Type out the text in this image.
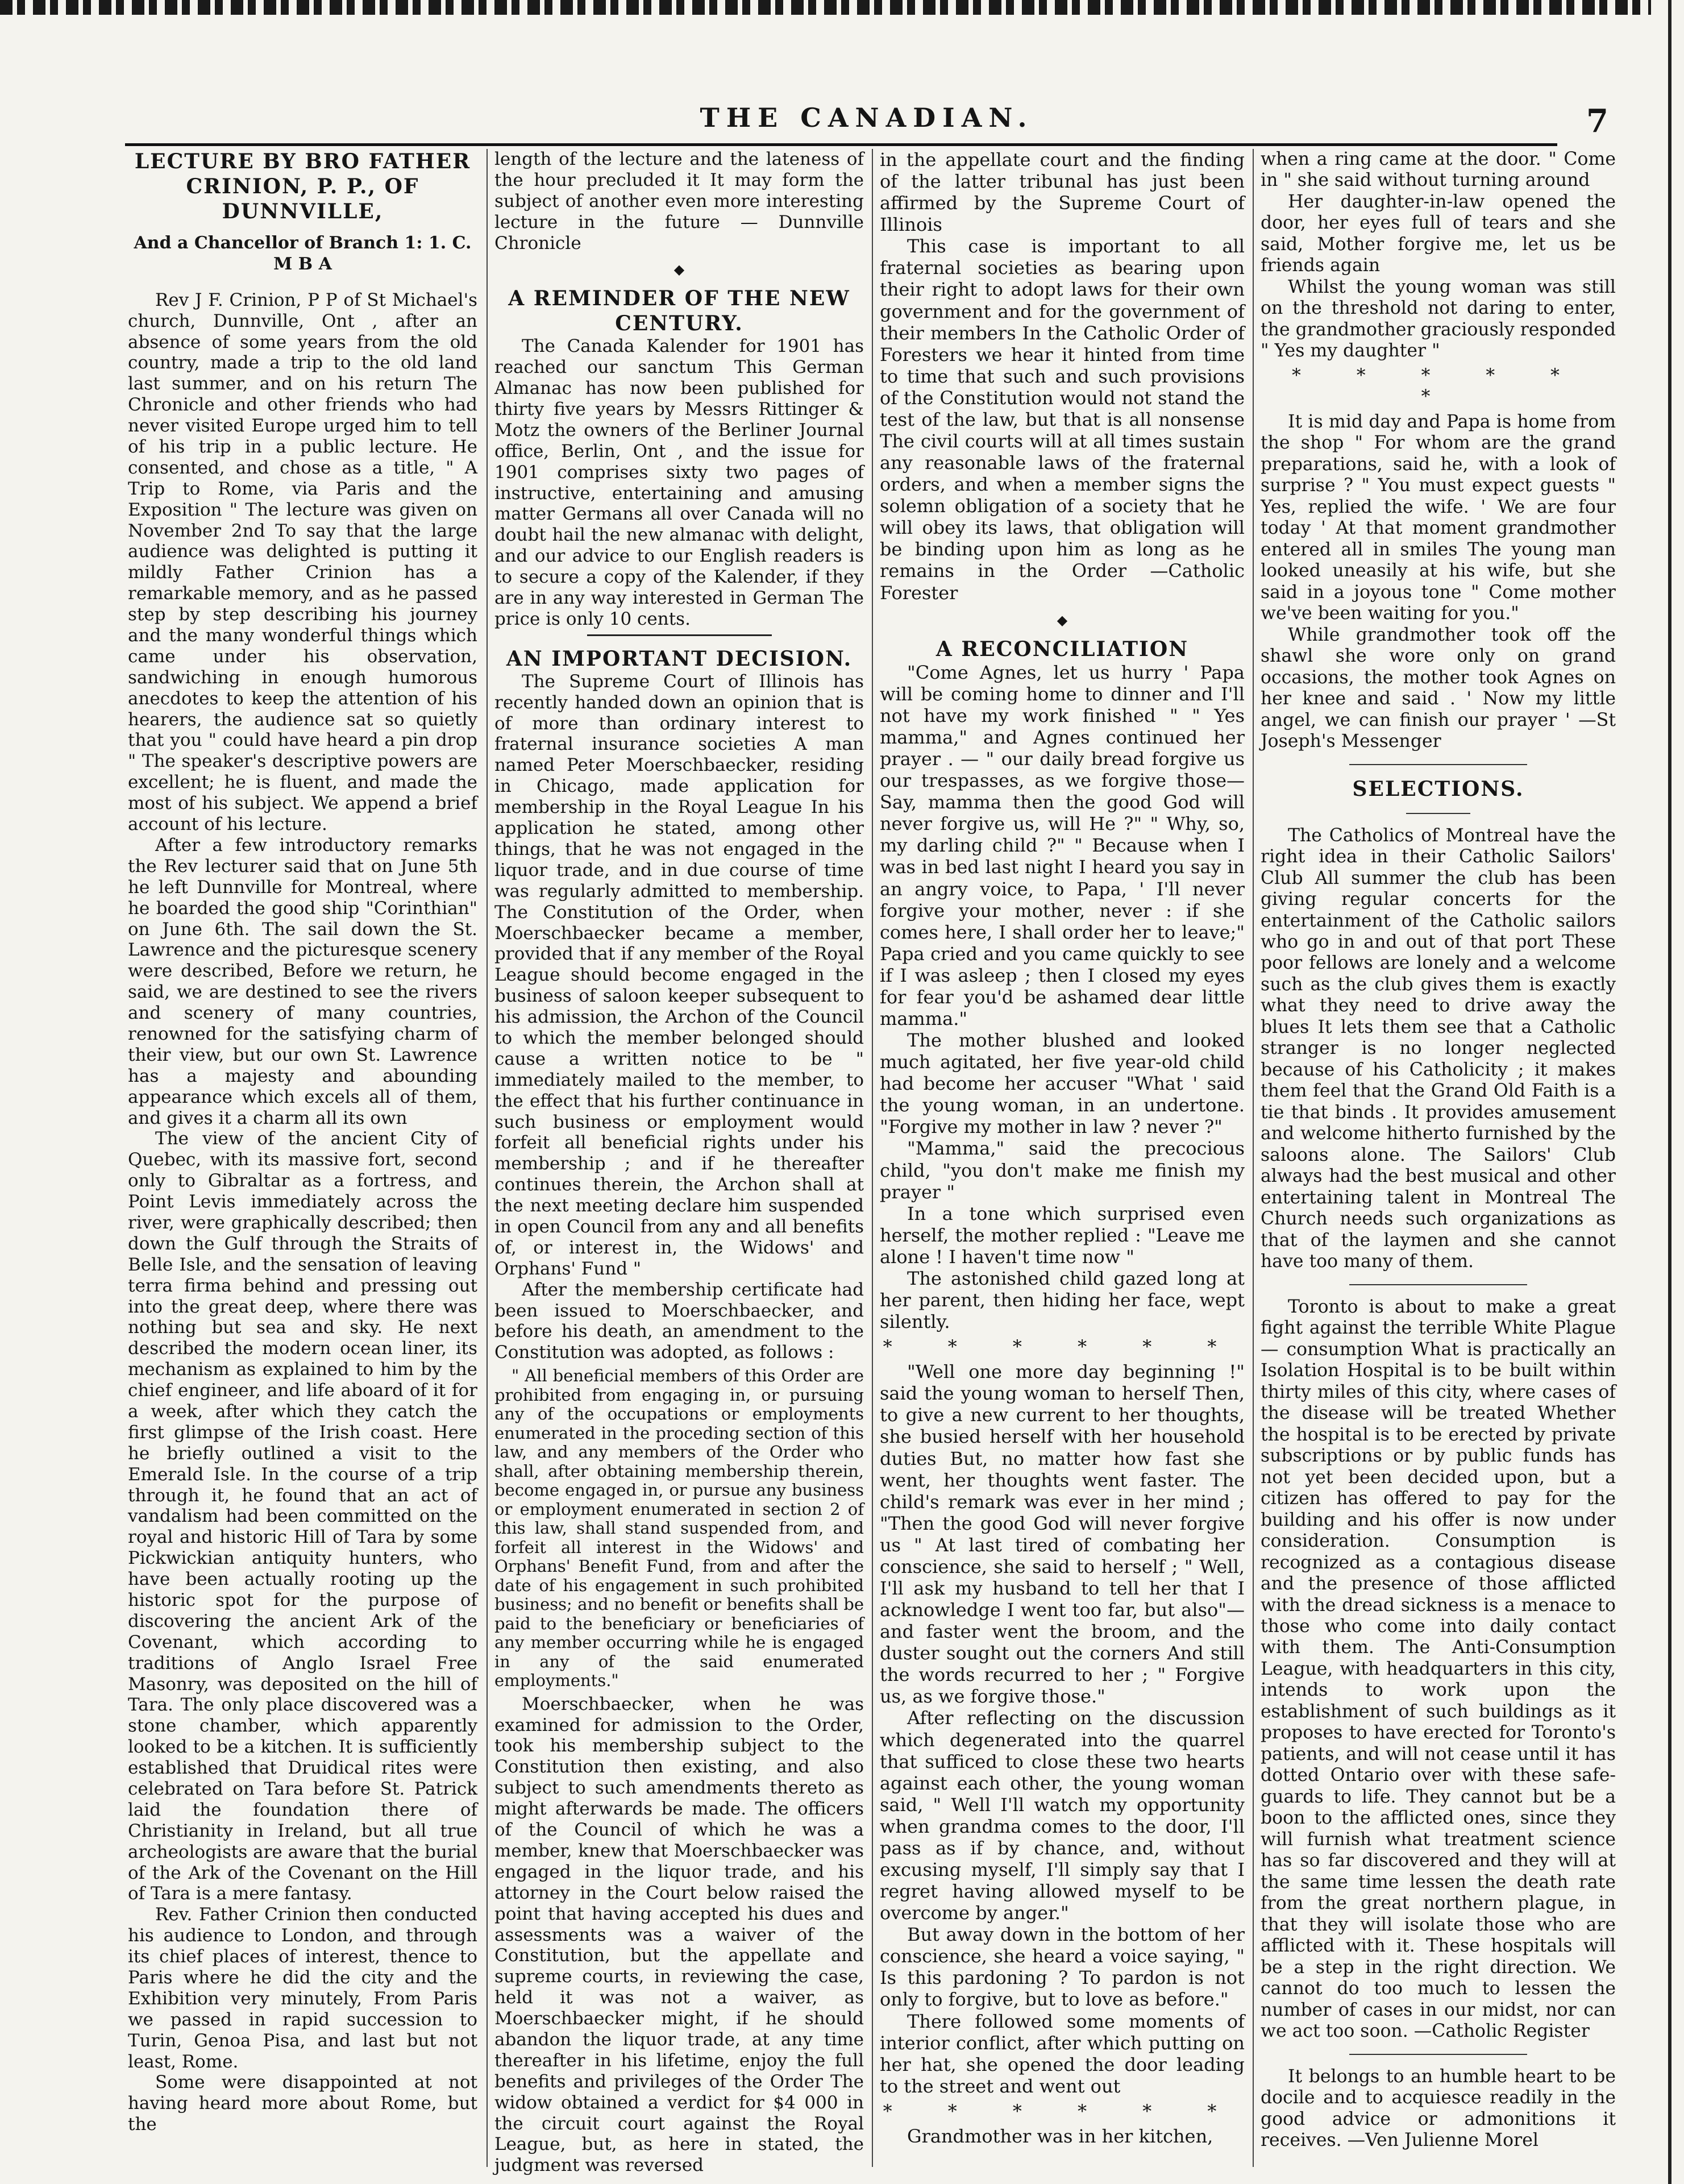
THE CANADIAN.	7
LECTURE BY BRO FATHER CRINION, P. P., OF DUNNVILLE,
And a Chancellor of Branch 1: 1. C. M B A

Rev J F. Crinion, P P of St Michael's church, Dunnville, Ont , after an absence of some years from the old country, made a trip to the old land last summer, and on his return The Chronicle and other friends who had never visited Europe urged him to tell of his trip in a public lecture. He consented, and chose as a title, " A Trip to Rome, via Paris and the Exposition " The lecture was given on November 2nd To say that the large audience was delighted is putting it mildly Father Crinion has a remarkable memory, and as he passed step by step describing his journey and the many wonderful things which came under his observation, sandwiching in enough humorous anecdotes to keep the attention of his hearers, the audience sat so quietly that you " could have heard a pin drop " The speaker's descriptive powers are excellent; he is fluent, and made the most of his subject. We append a brief account of his lecture.

After a few introductory remarks the Rev lecturer said that on June 5th he left Dunnville for Montreal, where he boarded the good ship "Corinthian" on June 6th. The sail down the St. Lawrence and the picturesque scenery were described, Before we return, he said, we are destined to see the rivers and scenery of many countries, renowned for the satisfying charm of their view, but our own St. Lawrence has a majesty and abounding appearance which excels all of them, and gives it a charm all its own

The view of the ancient City of Quebec, with its massive fort, second only to Gibraltar as a fortress, and Point Levis immediately across the river, were graphically described; then down the Gulf through the Straits of Belle Isle, and the sensation of leaving terra firma behind and pressing out into the great deep, where there was nothing but sea and sky. He next described the modern ocean liner, its mechanism as explained to him by the chief engineer, and life aboard of it for a week, after which they catch the first glimpse of the Irish coast. Here he briefly outlined a visit to the Emerald Isle. In the course of a trip through it, he found that an act of vandalism had been committed on the royal and historic Hill of Tara by some Pickwickian antiquity hunters, who have been actually rooting up the historic spot for the purpose of discovering the ancient Ark of the Covenant, which according to traditions of Anglo Israel Free Masonry, was deposited on the hill of Tara. The only place discovered was a stone chamber, which apparently looked to be a kitchen. It is sufficiently established that Druidical rites were celebrated on Tara before St. Patrick laid the foundation there of Christianity in Ireland, but all true archeologists are aware that the burial of the Ark of the Covenant on the Hill of Tara is a mere fantasy.

Rev. Father Crinion then conducted his audience to London, and through its chief places of interest, thence to Paris where he did the city and the Exhibition very minutely, From Paris we passed in rapid succession to Turin, Genoa Pisa, and last but not least, Rome.

Some were disappointed at not having heard more about Rome, but the

length of the lecture and the lateness of the hour precluded it It may form the subject of another even more interesting lecture in the future — Dunnville Chronicle

◆
A REMINDER OF THE NEW CENTURY.

The Canada Kalender for 1901 has reached our sanctum This German Almanac has now been published for thirty five years by Messrs Rittinger & Motz the owners of the Berliner Journal office, Berlin, Ont , and the issue for 1901 comprises sixty two pages of instructive, entertaining and amusing matter Germans all over Canada will no doubt hail the new almanac with delight, and our advice to our English readers is to secure a copy of the Kalender, if they are in any way interested in German The price is only 10 cents.

AN IMPORTANT DECISION.

The Supreme Court of Illinois has recently handed down an opinion that is of more than ordinary interest to fraternal insurance societies A man named Peter Moerschbaecker, residing in Chicago, made application for membership in the Royal League In his application he stated, among other things, that he was not engaged in the liquor trade, and in due course of time was regularly admitted to membership. The Constitution of the Order, when Moerschbaecker became a member, provided that if any member of the Royal League should become engaged in the business of saloon keeper subsequent to his admission, the Archon of the Council to which the member belonged should cause a written notice to be " immediately mailed to the member, to the effect that his further continuance in such business or employment would forfeit all beneficial rights under his membership ; and if he thereafter continues therein, the Archon shall at the next meeting declare him suspended in open Council from any and all benefits of, or interest in, the Widows' and Orphans' Fund "

After the membership certificate had been issued to Moerschbaecker, and before his death, an amendment to the Constitution was adopted, as follows :

" All beneficial members of this Order are prohibited from engaging in, or pursuing any of the occupations or employments enumerated in the proceding section of this law, and any members of the Order who shall, after obtaining membership therein, become engaged in, or pursue any business or employment enumerated in section 2 of this law, shall stand suspended from, and forfeit all interest in the Widows' and Orphans' Benefit Fund, from and after the date of his engagement in such prohibited business; and no benefit or benefits shall be paid to the beneficiary or beneficiaries of any member occurring while he is engaged in any of the said enumerated employments."

Moerschbaecker, when he was examined for admission to the Order, took his membership subject to the Constitution then existing, and also subject to such amendments thereto as might afterwards be made. The officers of the Council of which he was a member, knew that Moerschbaecker was engaged in the liquor trade, and his attorney in the Court below raised the point that having accepted his dues and assessments was a waiver of the Constitution, but the appellate and supreme courts, in reviewing the case, held it was not a waiver, as Moerschbaecker might, if he should abandon the liquor trade, at any time thereafter in his lifetime, enjoy the full benefits and privileges of the Order The widow obtained a verdict for $4 000 in the circuit court against the Royal League, but, as here in stated, the judgment was reversed

in the appellate court and the finding of the latter tribunal has just been affirmed by the Supreme Court of Illinois

This case is important to all fraternal societies as bearing upon their right to adopt laws for their own government and for the government of their members In the Catholic Order of Foresters we hear it hinted from time to time that such and such provisions of the Constitution would not stand the test of the law, but that is all nonsense The civil courts will at all times sustain any reasonable laws of the fraternal orders, and when a member signs the solemn obligation of a society that he will obey its laws, that obligation will be binding upon him as long as he remains in the Order —Catholic Forester

◆
A RECONCILIATION

"Come Agnes, let us hurry ' Papa will be coming home to dinner and I'll not have my work finished " " Yes mamma," and Agnes continued her prayer . — " our daily bread forgive us our trespasses, as we forgive those— Say, mamma then the good God will never forgive us, will He ?" " Why, so, my darling child ?" " Because when I was in bed last night I heard you say in an angry voice, to Papa, ' I'll never forgive your mother, never : if she comes here, I shall order her to leave;" Papa cried and you came quickly to see if I was asleep ; then I closed my eyes for fear you'd be ashamed dear little mamma."

The mother blushed and looked much agitated, her five year-old child had become her accuser "What ' said the young woman, in an undertone. "Forgive my mother in law ? never ?"

"Mamma," said the precocious child, "you don't make me finish my prayer "

In a tone which surprised even herself, the mother replied : "Leave me alone ! I haven't time now "

The astonished child gazed long at her parent, then hiding her face, wept silently.

* * * * * *

"Well one more day beginning !" said the young woman to herself Then, to give a new current to her thoughts, she busied herself with her household duties But, no matter how fast she went, her thoughts went faster. The child's remark was ever in her mind ; "Then the good God will never forgive us " At last tired of combating her conscience, she said to herself ; " Well, I'll ask my husband to tell her that I acknowledge I went too far, but also"—and faster went the broom, and the duster sought out the corners And still the words recurred to her ; " Forgive us, as we forgive those."

After reflecting on the discussion which degenerated into the quarrel that sufficed to close these two hearts against each other, the young woman said, " Well I'll watch my opportunity when grandma comes to the door, I'll pass as if by chance, and, without excusing myself, I'll simply say that I regret having allowed myself to be overcome by anger."

But away down in the bottom of her conscience, she heard a voice saying, " Is this pardoning ? To pardon is not only to forgive, but to love as before."

There followed some moments of interior conflict, after which putting on her hat, she opened the door leading to the street and went out

* * * * * *

Grandmother was in her kitchen,

when a ring came at the door. " Come in " she said without turning around

Her daughter-in-law opened the door, her eyes full of tears and she said, Mother forgive me, let us be friends again

Whilst the young woman was still on the threshold not daring to enter, the grandmother graciously responded " Yes my daughter "

* * * * * *

It is mid day and Papa is home from the shop " For whom are the grand preparations, said he, with a look of surprise ? " You must expect guests " Yes, replied the wife. ' We are four today ' At that moment grandmother entered all in smiles The young man looked uneasily at his wife, but she said in a joyous tone " Come mother we've been waiting for you."

While grandmother took off the shawl she wore only on grand occasions, the mother took Agnes on her knee and said . ' Now my little angel, we can finish our prayer ' —St Joseph's Messenger

SELECTIONS.

The Catholics of Montreal have the right idea in their Catholic Sailors' Club All summer the club has been giving regular concerts for the entertainment of the Catholic sailors who go in and out of that port These poor fellows are lonely and a welcome such as the club gives them is exactly what they need to drive away the blues It lets them see that a Catholic stranger is no longer neglected because of his Catholicity ; it makes them feel that the Grand Old Faith is a tie that binds . It provides amusement and welcome hitherto furnished by the saloons alone. The Sailors' Club always had the best musical and other entertaining talent in Montreal The Church needs such organizations as that of the laymen and she cannot have too many of them.

Toronto is about to make a great fight against the terrible White Plague — consumption What is practically an Isolation Hospital is to be built within thirty miles of this city, where cases of the disease will be treated Whether the hospital is to be erected by private subscriptions or by public funds has not yet been decided upon, but a citizen has offered to pay for the building and his offer is now under consideration. Consumption is recognized as a contagious disease and the presence of those afflicted with the dread sickness is a menace to those who come into daily contact with them. The Anti-Consumption League, with headquarters in this city, intends to work upon the establishment of such buildings as it proposes to have erected for Toronto's patients, and will not cease until it has dotted Ontario over with these safe-guards to life. They cannot but be a boon to the afflicted ones, since they will furnish what treatment science has so far discovered and they will at the same time lessen the death rate from the great northern plague, in that they will isolate those who are afflicted with it. These hospitals will be a step in the right direction. We cannot do too much to lessen the number of cases in our midst, nor can we act too soon. —Catholic Register

It belongs to an humble heart to be docile and to acquiesce readily in the good advice or admonitions it receives. —Ven Julienne Morel
